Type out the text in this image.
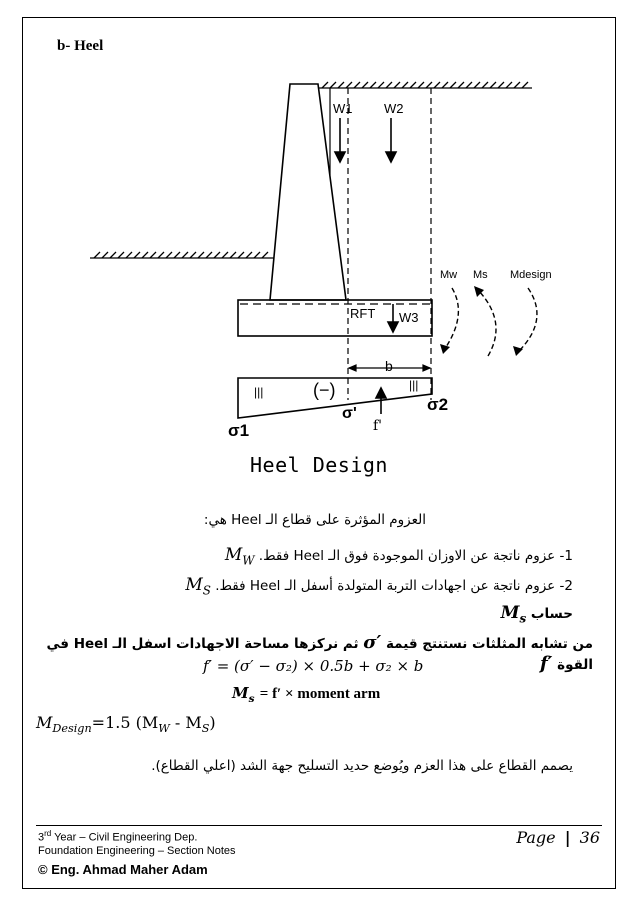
b- Heel
W1 W2
RFT W3
Mw Ms Mdesign
b
|||	|||
(−)
σ'
σ1
σ2
f'
Heel Design
العزوم المؤثرة على قطاع الـ Heel هي:
1- عزوم ناتجة عن الاوزان الموجودة فوق الـ Heel فقط. $M_W$
2- عزوم ناتجة عن اجهادات التربة المتولدة أسفل الـ Heel فقط. $M_S$
حساب $M_s$
من تشابه المثلثات نستنتج قيمة σ′ ثم نركزها مساحة الاجهادات اسفل الـ Heel في القوة f′
f′ = (σ′ − σ₂) × 0.5b + σ₂ × b
$M_s = f'$ × moment arm
$M_{Design}=1.5$ $(M_W - M_S)$
يصمم القطاع على هذا العزم ويُوضع حديد التسليح جهة الشد (اعلي القطاع).
3rd Year – Civil Engineering Dep.
Foundation Engineering – Section Notes
© Eng. Ahmad Maher Adam
Page | 36
